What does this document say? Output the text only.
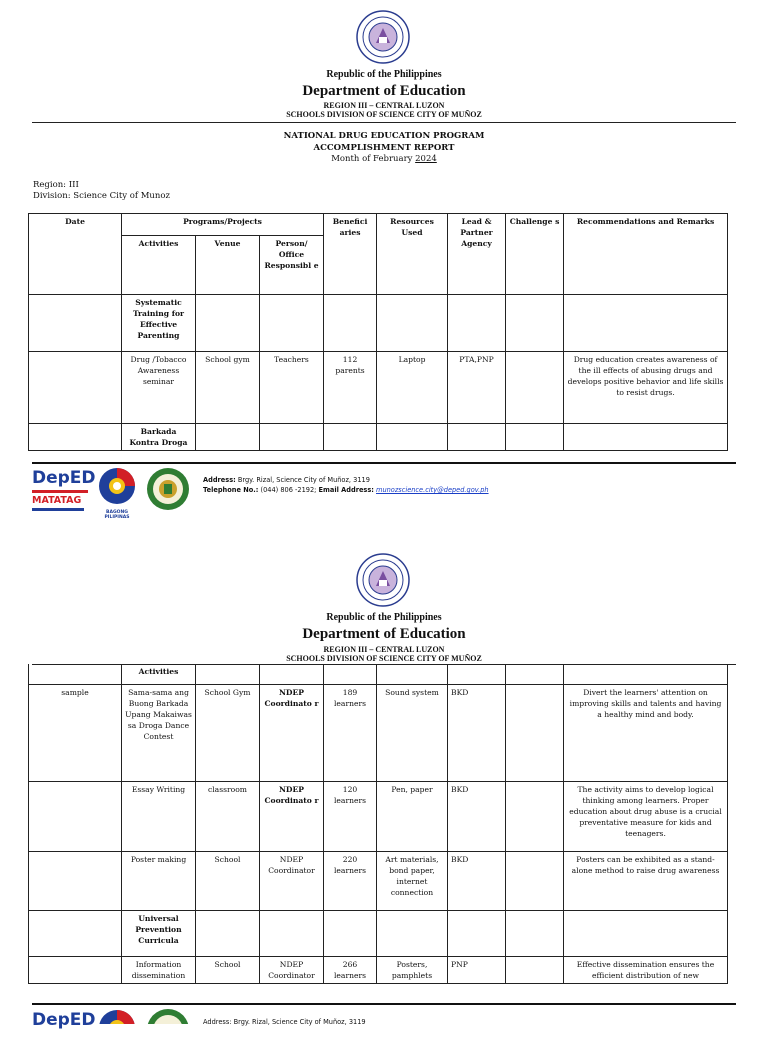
Republic of the Philippines
Department of Education
REGION III – CENTRAL LUZON
SCHOOLS DIVISION OF SCIENCE CITY OF MUÑOZ
NATIONAL DRUG EDUCATION PROGRAM
ACCOMPLISHMENT REPORT
Month of February 2024
Region: III
Division: Science City of Munoz
Date	Programs/Projects			Benefici aries	Resources Used	Lead & Partner Agency	Challenge s	Recommendations and Remarks
	Activities	Venue	Person/ Office Responsibl e					
	Systematic Training for Effective Parenting							
	Drug /Tobacco Awareness seminar	School gym	Teachers	112 parents	Laptop	PTA,PNP		Drug education creates awareness of the ill effects of abusing drugs and develops positive behavior and life skills to resist drugs.
	Barkada Kontra Droga							
DepED
MATATAG
BAGONG PILIPINAS
Address: Brgy. Rizal, Science City of Muñoz, 3119
Telephone No.: (044) 806 -2192; Email Address: munozscience.city@deped.gov.ph
Republic of the Philippines
Department of Education
REGION III – CENTRAL LUZON
SCHOOLS DIVISION OF SCIENCE CITY OF MUÑOZ
	Activities							
sample	Sama-sama ang Buong Barkada Upang Makaiwas sa Droga Dance Contest	School Gym	NDEP Coordinato r	189 learners	Sound system	BKD		Divert the learners' attention on improving skills and talents and having a healthy mind and body.
	Essay Writing	classroom	NDEP Coordinato r	120 learners	Pen, paper	BKD		The activity aims to develop logical thinking among learners. Proper education about drug abuse is a crucial preventative measure for kids and teenagers.
	Poster making	School	NDEP Coordinator	220 learners	Art materials, bond paper, internet connection	BKD		Posters can be exhibited as a stand-alone method to raise drug awareness
	Universal Prevention Curricula							
	Information dissemination	School	NDEP Coordinator	266 learners	Posters, pamphlets	PNP		Effective dissemination ensures the efficient distribution of new
DepED	Address: Brgy. Rizal, Science City of Muñoz, 3119
